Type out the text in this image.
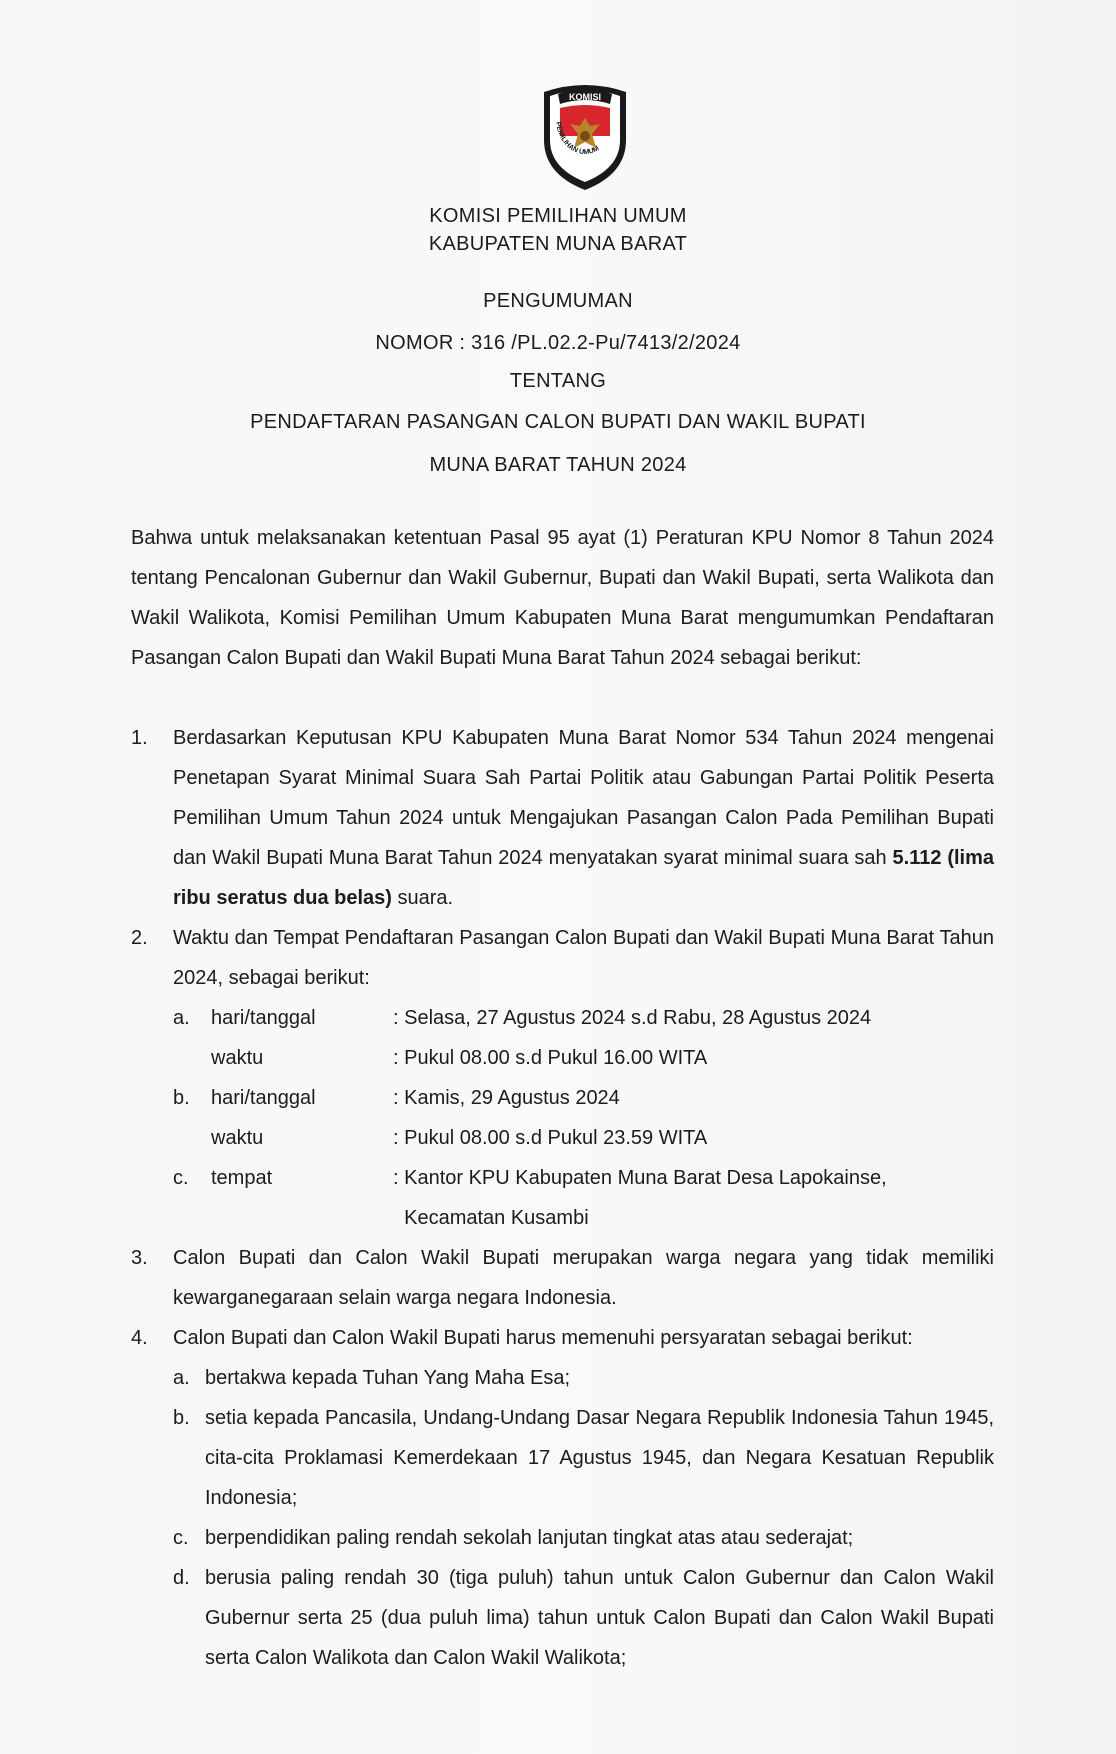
KOMISI
PEMILIHAN UMUM
KOMISI PEMILIHAN UMUM
KABUPATEN MUNA BARAT
PENGUMUMAN
NOMOR : 316 /PL.02.2-Pu/7413/2/2024
TENTANG
PENDAFTARAN PASANGAN CALON BUPATI DAN WAKIL BUPATI
MUNA BARAT TAHUN 2024
Bahwa untuk melaksanakan ketentuan Pasal 95 ayat (1) Peraturan KPU Nomor 8 Tahun 2024 tentang Pencalonan Gubernur dan Wakil Gubernur, Bupati dan Wakil Bupati, serta Walikota dan Wakil Walikota, Komisi Pemilihan Umum Kabupaten Muna Barat mengumumkan Pendaftaran Pasangan Calon Bupati dan Wakil Bupati Muna Barat Tahun 2024 sebagai berikut:
1. Berdasarkan Keputusan KPU Kabupaten Muna Barat Nomor 534 Tahun 2024 mengenai Penetapan Syarat Minimal Suara Sah Partai Politik atau Gabungan Partai Politik Peserta Pemilihan Umum Tahun 2024 untuk Mengajukan Pasangan Calon Pada Pemilihan Bupati dan Wakil Bupati Muna Barat Tahun 2024 menyatakan syarat minimal suara sah 5.112 (lima ribu seratus dua belas) suara.
2. Waktu dan Tempat Pendaftaran Pasangan Calon Bupati dan Wakil Bupati Muna Barat Tahun 2024, sebagai berikut:
a. hari/tanggal	: Selasa, 27 Agustus 2024 s.d Rabu, 28 Agustus 2024
waktu	: Pukul 08.00 s.d Pukul 16.00 WITA
b. hari/tanggal	: Kamis, 29 Agustus 2024
waktu	: Pukul 08.00 s.d Pukul 23.59 WITA
c. tempat	: Kantor KPU Kabupaten Muna Barat Desa Lapokainse,
Kecamatan Kusambi
3. Calon Bupati dan Calon Wakil Bupati merupakan warga negara yang tidak memiliki kewarganegaraan selain warga negara Indonesia.
4. Calon Bupati dan Calon Wakil Bupati harus memenuhi persyaratan sebagai berikut:
a. bertakwa kepada Tuhan Yang Maha Esa;
b. setia kepada Pancasila, Undang-Undang Dasar Negara Republik Indonesia Tahun 1945, cita-cita Proklamasi Kemerdekaan 17 Agustus 1945, dan Negara Kesatuan Republik Indonesia;
c. berpendidikan paling rendah sekolah lanjutan tingkat atas atau sederajat;
d. berusia paling rendah 30 (tiga puluh) tahun untuk Calon Gubernur dan Calon Wakil Gubernur serta 25 (dua puluh lima) tahun untuk Calon Bupati dan Calon Wakil Bupati serta Calon Walikota dan Calon Wakil Walikota;
